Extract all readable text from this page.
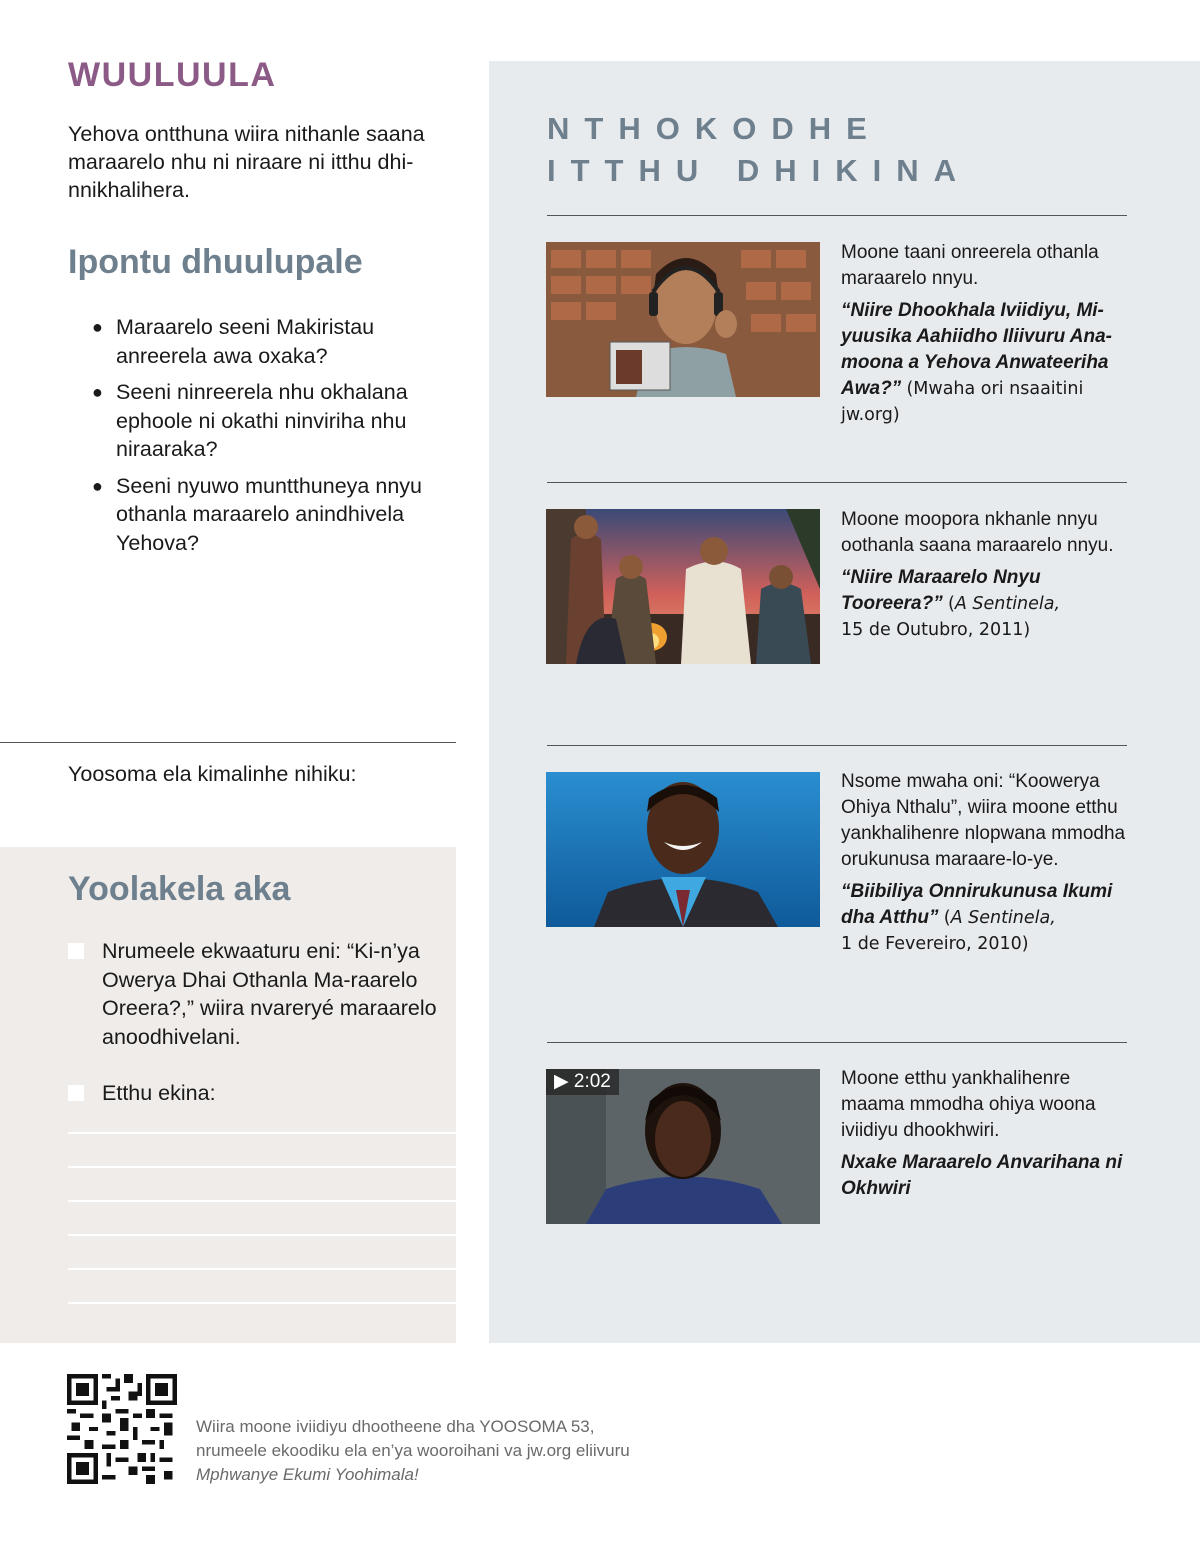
WUULUULA

Yehova ontthuna wiira nithanle saana maraarelo nhu ni niraare ni itthu dhi-nnikhalihera.

Ipontu dhuulupale
● Maraarelo seeni Makiristau anreerela awa oxaka?
● Seeni ninreerela nhu okhalana ephoole ni okathi ninviriha nhu niraaraka?
● Seeni nyuwo muntthuneya nnyu othanla maraarelo anindhivela Yehova?
Yoosoma ela kimalinhe nihiku:
Yoolakela aka
Nrumeele ekwaaturu eni: “Ki-n’ya Owerya Dhai Othanla Ma-raarelo Oreera?,” wiira nvareryé maraarelo anoodhivelani.
Etthu ekina:
NTHOKODHE
ITTHU DHIKINA

Moone taani onreerela othanla maraarelo nnyu.

“Niire Dhookhala Iviidiyu, Mi-yuusika Aahiidho Iliivuru Ana-moona a Yehova Anwateeriha Awa?” (Mwaha ori nsaaitini jw.org)

Moone moopora nkhanle nnyu oothanla saana maraarelo nnyu.

“Niire Maraarelo Nnyu Tooreera?” (A Sentinela,
15 de Outubro, 2011)

Nsome mwaha oni: “Koowerya Ohiya Nthalu”, wiira moone etthu yankhalihenre nlopwana mmodha orukunusa maraare-lo-ye.

“Biibiliya Onnirukunusa Ikumi dha Atthu” (A Sentinela,
1 de Fevereiro, 2010)

▶ 2:02	Moone etthu yankhalihenre maama mmodha ohiya woona iviidiyu dhookhwiri.

Nxake Maraarelo Anvarihana ni Okhwiri

Wiira moone iviidiyu dhootheene dha YOOSOMA 53, nrumeele ekoodiku ela en’ya wooroihani va jw.org eliivuru Mphwanye Ekumi Yoohimala!
